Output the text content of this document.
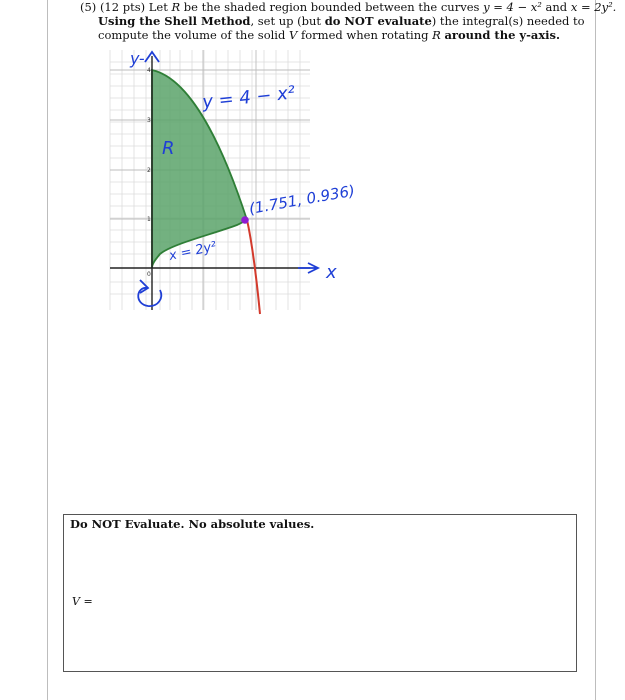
(5) (12 pts) Let R be the shaded region bounded between the curves y = 4 − x² and x = 2y².
Using the Shell Method, set up (but do NOT evaluate) the integral(s) needed to
compute the volume of the solid V formed when rotating R around the y-axis.
4
3
2
1
0
y-
y = 4 − x²
R
x = 2y²
(1.751, 0.936)
x
Do NOT Evaluate. No absolute values.
V =
